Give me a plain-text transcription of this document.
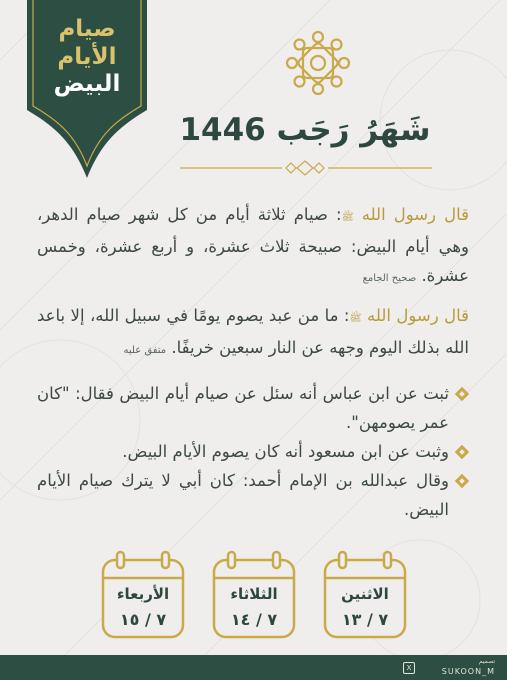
صيام
الأيام
البيض
شَهَرُ رَجَب 1446

قال رسول الله ﷺ: صيام ثلاثة أيام من كل شهر صيام الدهر، وهي أيام البيض: صبيحة ثلاث عشرة، و أربع عشرة، وخمس عشرة. صحيح الجامع

قال رسول الله ﷺ: ما من عبد يصوم يومًا في سبيل الله، إلا باعد الله بذلك اليوم وجهه عن النار سبعين خريفًا. متفق عليه

ثبت عن ابن عباس أنه سئل عن صيام أيام البيض فقال: "كان عمر يصومهن".

وثبت عن ابن مسعود أنه كان يصوم الأيام البيض.

وقال عبدالله بن الإمام أحمد: كان أبي لا يترك صيام الأيام البيض.

الاثنين
٧ / ١٣
الثلاثاء
٧ / ١٤
الأربعاء
٧ / ١٥
X
تصميم
SUKOON_M
